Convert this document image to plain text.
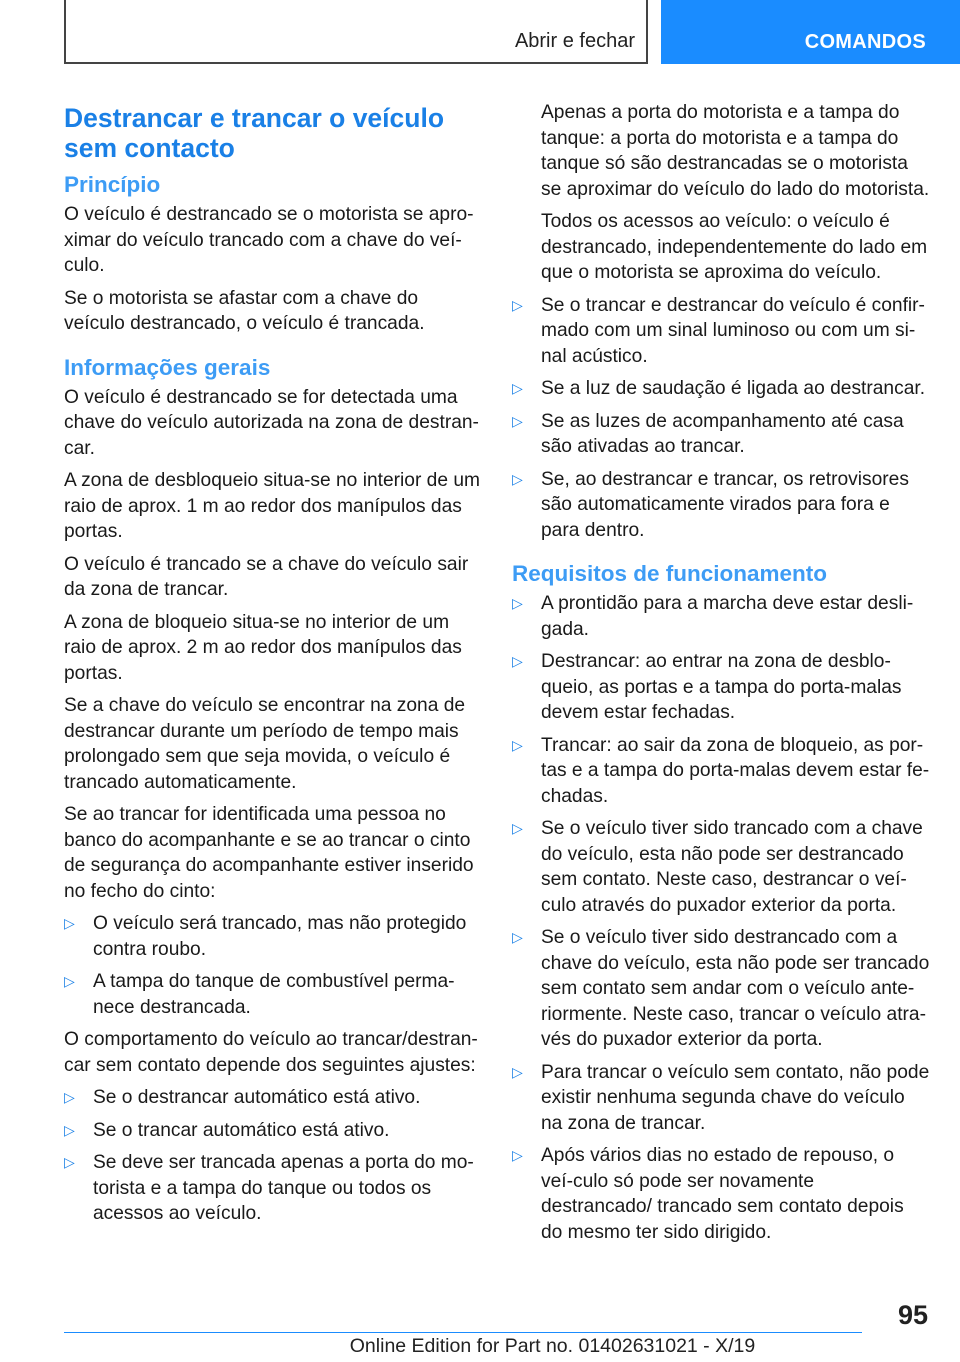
Abrir e fechar	COMANDOS
Destrancar e trancar o veículo sem contacto
Princípio

O veículo é destrancado se o motorista se apro-ximar do veículo trancado com a chave do veí-culo.

Se o motorista se afastar com a chave do veículo destrancado, o veículo é trancada.

Informações gerais

O veículo é destrancado se for detectada uma chave do veículo autorizada na zona de destran-car.

A zona de desbloqueio situa-se no interior de um raio de aprox. 1 m ao redor dos manípulos das portas.

O veículo é trancado se a chave do veículo sair da zona de trancar.

A zona de bloqueio situa-se no interior de um raio de aprox. 2 m ao redor dos manípulos das portas.

Se a chave do veículo se encontrar na zona de destrancar durante um período de tempo mais prolongado sem que seja movida, o veículo é trancado automaticamente.

Se ao trancar for identificada uma pessoa no banco do acompanhante e se ao trancar o cinto de segurança do acompanhante estiver inserido no fecho do cinto:

▷ O veículo será trancado, mas não protegido contra roubo.
▷ A tampa do tanque de combustível perma-nece destrancada.

O comportamento do veículo ao trancar/destran-car sem contato depende dos seguintes ajustes:

▷ Se o destrancar automático está ativo.
▷ Se o trancar automático está ativo.
▷ Se deve ser trancada apenas a porta do mo-torista e a tampa do tanque ou todos os acessos ao veículo.

Apenas a porta do motorista e a tampa do tanque: a porta do motorista e a tampa do tanque só são destrancadas se o motorista se aproximar do veículo do lado do motorista.

Todos os acessos ao veículo: o veículo é destrancado, independentemente do lado em que o motorista se aproxima do veículo.

▷ Se o trancar e destrancar do veículo é confir-mado com um sinal luminoso ou com um si-nal acústico.
▷ Se a luz de saudação é ligada ao destrancar.
▷ Se as luzes de acompanhamento até casa são ativadas ao trancar.
▷ Se, ao destrancar e trancar, os retrovisores são automaticamente virados para fora e para dentro.
Requisitos de funcionamento
▷ A prontidão para a marcha deve estar desli-gada.
▷ Destrancar: ao entrar na zona de desblo-queio, as portas e a tampa do porta-malas devem estar fechadas.
▷ Trancar: ao sair da zona de bloqueio, as por-tas e a tampa do porta-malas devem estar fe-chadas.
▷ Se o veículo tiver sido trancado com a chave do veículo, esta não pode ser destrancado sem contato. Neste caso, destrancar o veí-culo através do puxador exterior da porta.
▷ Se o veículo tiver sido destrancado com a chave do veículo, esta não pode ser trancado sem contato sem andar com o veículo ante-riormente. Neste caso, trancar o veículo atra-vés do puxador exterior da porta.
▷ Para trancar o veículo sem contato, não pode existir nenhuma segunda chave do veículo na zona de trancar.
▷ Após vários dias no estado de repouso, o veí-culo só pode ser novamente destrancado/ trancado sem contato depois do mesmo ter sido dirigido.
95
Online Edition for Part no. 01402631021 - X/19
